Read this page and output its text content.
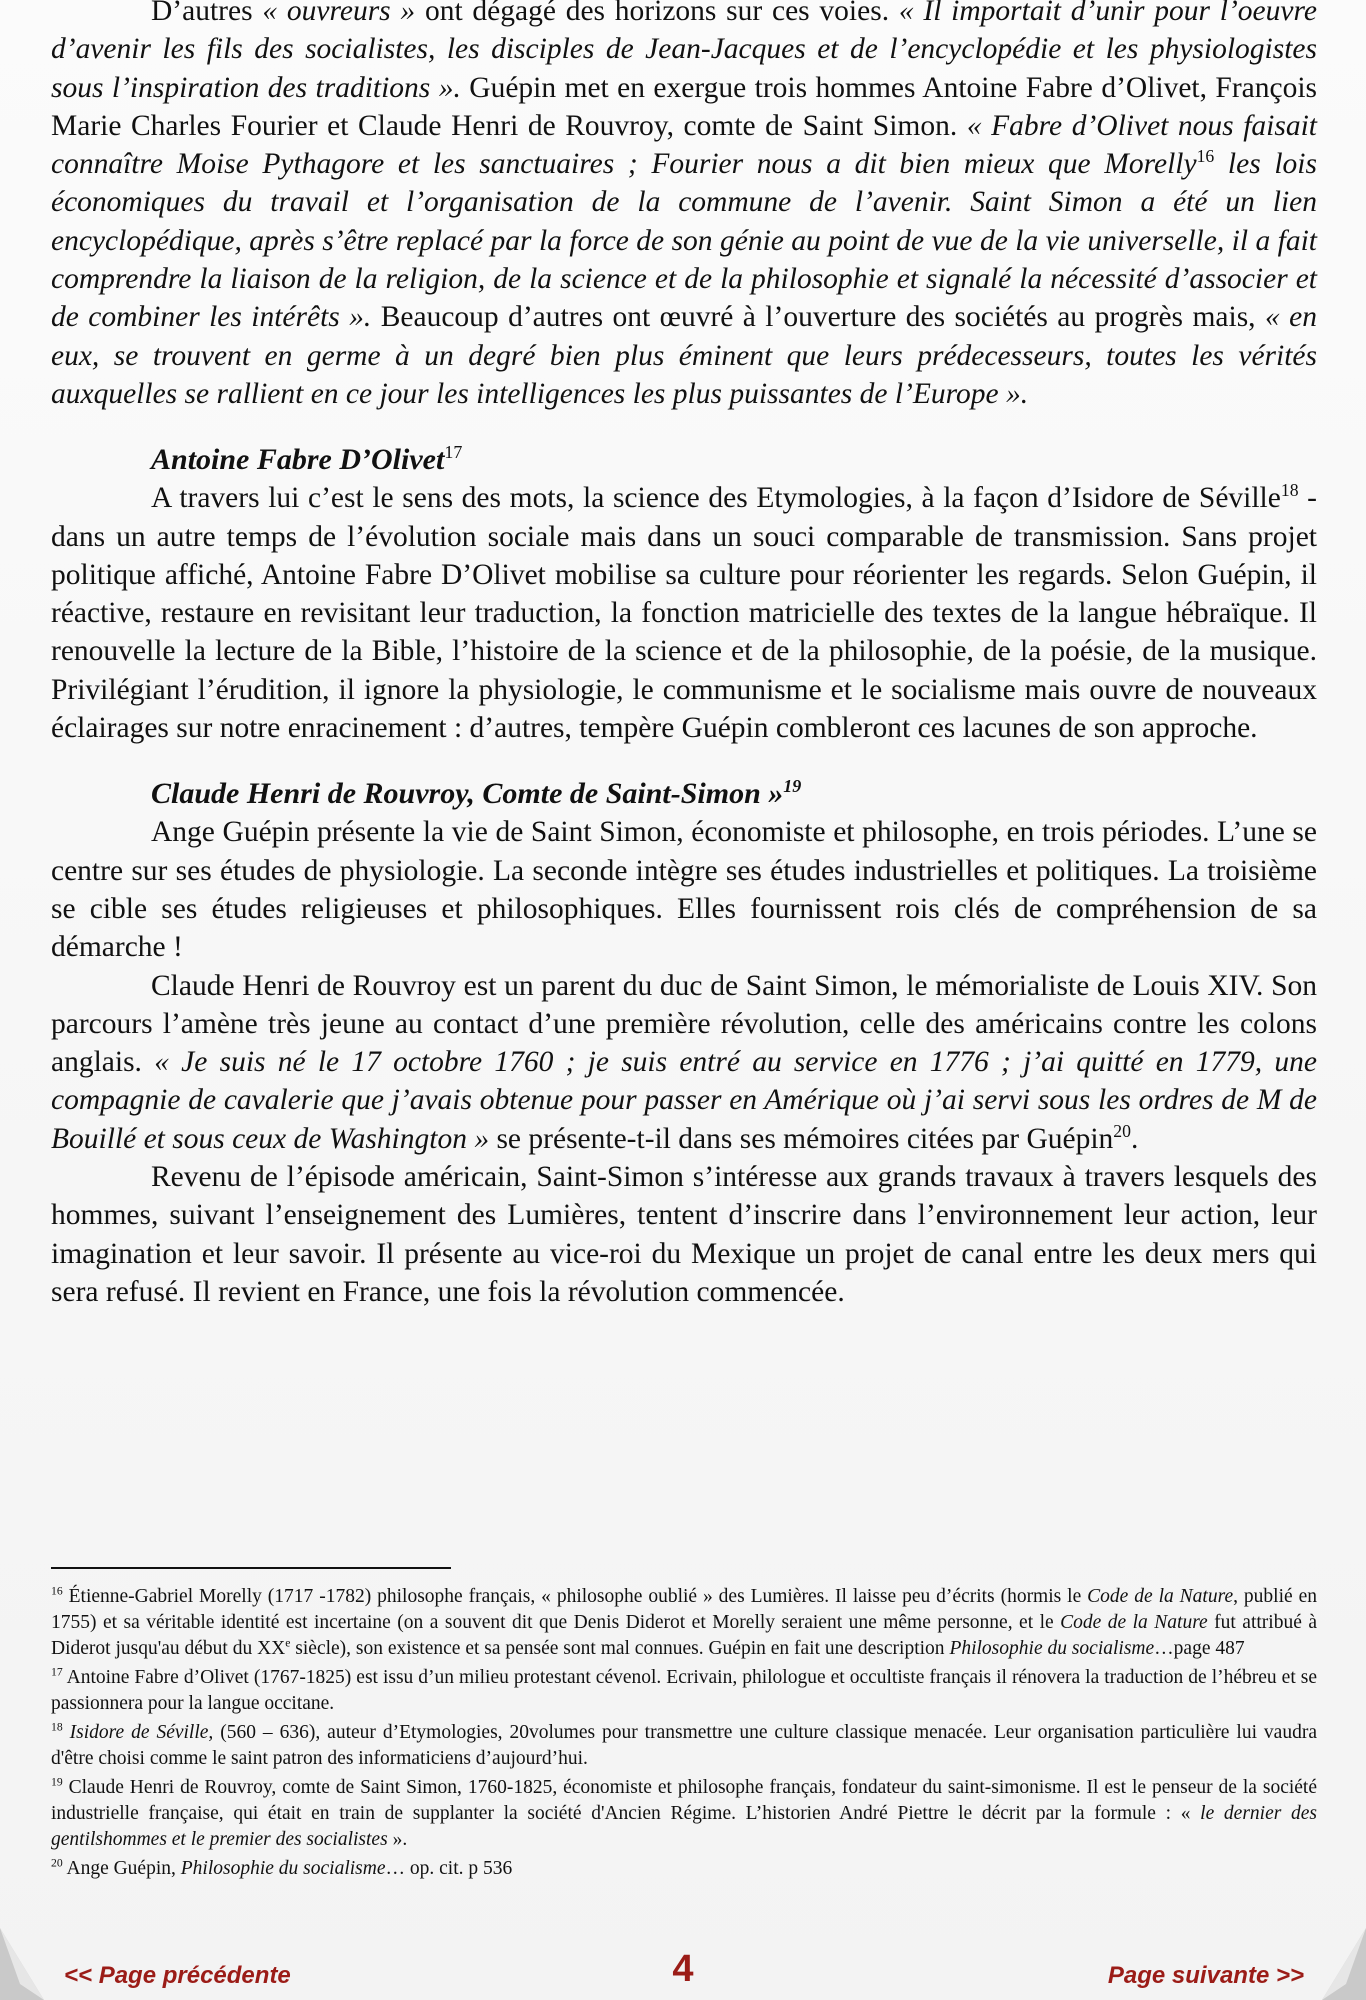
D’autres « ouvreurs » ont dégagé des horizons sur ces voies. « Il importait d’unir pour l’oeuvre d’avenir les fils des socialistes, les disciples de Jean-Jacques et de l’encyclopédie et les physiologistes sous l’inspiration des traditions ». Guépin met en exergue trois hommes Antoine Fabre d’Olivet, François Marie Charles Fourier et Claude Henri de Rouvroy, comte de Saint Simon. « Fabre d’Olivet nous faisait connaître Moise Pythagore et les sanctuaires ; Fourier nous a dit bien mieux que Morelly$^{16}$ les lois économiques du travail et l’organisation de la commune de l’avenir. Saint Simon a été un lien encyclopédique, après s’être replacé par la force de son génie au point de vue de la vie universelle, il a fait comprendre la liaison de la religion, de la science et de la philosophie et signalé la nécessité d’associer et de combiner les intérêts ». Beaucoup d’autres ont œuvré à l’ouverture des sociétés au progrès mais, « en eux, se trouvent en germe à un degré bien plus éminent que leurs prédecesseurs, toutes les vérités auxquelles se rallient en ce jour les intelligences les plus puissantes de l’Europe ».

Antoine Fabre D’Olivet$^{17}$

A travers lui c’est le sens des mots, la science des Etymologies, à la façon d’Isidore de Séville$^{18}$ - dans un autre temps de l’évolution sociale mais dans un souci comparable de transmission. Sans projet politique affiché, Antoine Fabre D’Olivet mobilise sa culture pour réorienter les regards. Selon Guépin, il réactive, restaure en revisitant leur traduction, la fonction matricielle des textes de la langue hébraïque. Il renouvelle la lecture de la Bible, l’histoire de la science et de la philosophie, de la poésie, de la musique. Privilégiant l’érudition, il ignore la physiologie, le communisme et le socialisme mais ouvre de nouveaux éclairages sur notre enracinement : d’autres, tempère Guépin combleront ces lacunes de son approche.

Claude Henri de Rouvroy, Comte de Saint-Simon »$^{19}$

Ange Guépin présente la vie de Saint Simon, économiste et philosophe, en trois périodes. L’une se centre sur ses études de physiologie. La seconde intègre ses études industrielles et politiques. La troisième se cible ses études religieuses et philosophiques. Elles fournissent rois clés de compréhension de sa démarche !

Claude Henri de Rouvroy est un parent du duc de Saint Simon, le mémorialiste de Louis XIV. Son parcours l’amène très jeune au contact d’une première révolution, celle des américains contre les colons anglais. « Je suis né le 17 octobre 1760 ; je suis entré au service en 1776 ; j’ai quitté en 1779, une compagnie de cavalerie que j’avais obtenue pour passer en Amérique où j’ai servi sous les ordres de M de Bouillé et sous ceux de Washington » se présente-t-il dans ses mémoires citées par Guépin$^{20}$.

Revenu de l’épisode américain, Saint-Simon s’intéresse aux grands travaux à travers lesquels des hommes, suivant l’enseignement des Lumières, tentent d’inscrire dans l’environnement leur action, leur imagination et leur savoir. Il présente au vice-roi du Mexique un projet de canal entre les deux mers qui sera refusé. Il revient en France, une fois la révolution commencée.

$^{16}$ Étienne-Gabriel Morelly (1717 -1782) philosophe français, « philosophe oublié » des Lumières. Il laisse peu d’écrits (hormis le Code de la Nature, publié en 1755) et sa véritable identité est incertaine (on a souvent dit que Denis Diderot et Morelly seraient une même personne, et le Code de la Nature fut attribué à Diderot jusqu'au début du XXe siècle), son existence et sa pensée sont mal connues. Guépin en fait une description Philosophie du socialisme…page 487

$^{17}$ Antoine Fabre d’Olivet (1767-1825) est issu d’un milieu protestant cévenol. Ecrivain, philologue et occultiste français il rénovera la traduction de l’hébreu et se passionnera pour la langue occitane.

$^{18}$ Isidore de Séville, (560 – 636), auteur d’Etymologies, 20volumes pour transmettre une culture classique menacée. Leur organisation particulière lui vaudra d'être choisi comme le saint patron des informaticiens d’aujourd’hui.

$^{19}$ Claude Henri de Rouvroy, comte de Saint Simon, 1760-1825, économiste et philosophe français, fondateur du saint-simonisme. Il est le penseur de la société industrielle française, qui était en train de supplanter la société d'Ancien Régime. L’historien André Piettre le décrit par la formule : « le dernier des gentilshommes et le premier des socialistes ».

$^{20}$ Ange Guépin, Philosophie du socialisme… op. cit. p 536

<< Page précédente	4	Page suivante >>
